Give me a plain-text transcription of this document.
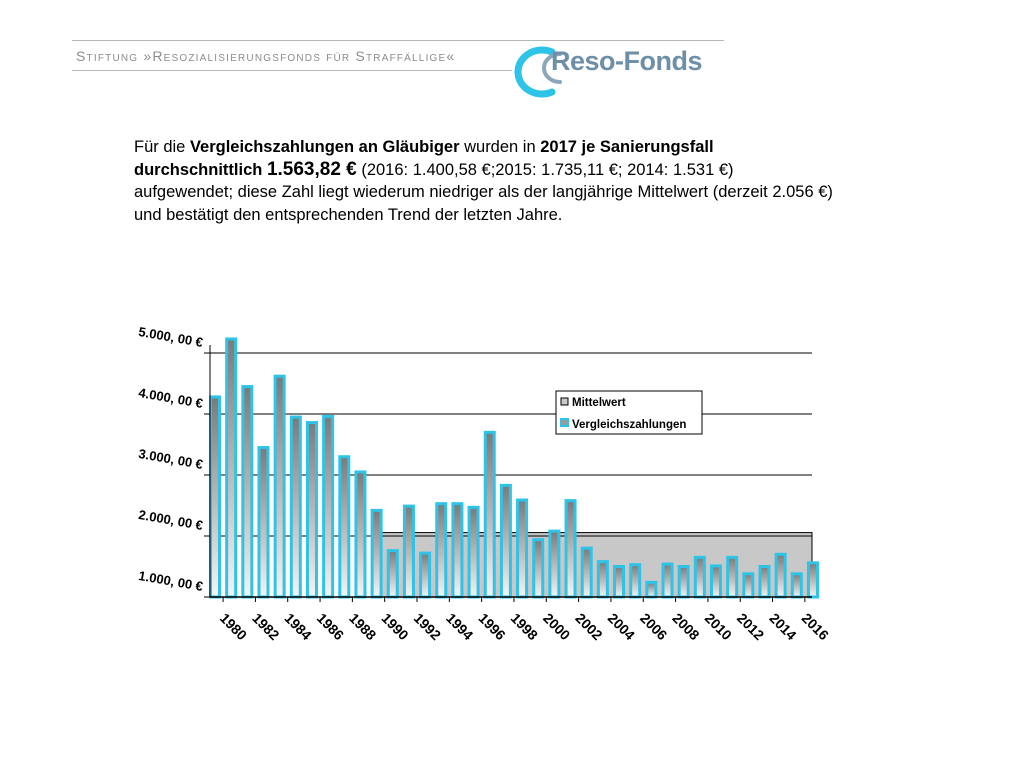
Stiftung »Resozialisierungsfonds für Straffällige«	Reso-Fonds
Für die Vergleichszahlungen an Gläubiger wurden in 2017 je Sanierungsfall durchschnittlich 1.563,82 € (2016: 1.400,58 €;2015: 1.735,11 €; 2014: 1.531 €) aufgewendet; diese Zahl liegt wiederum niedriger als der langjährige Mittelwert (derzeit 2.056 €) und bestätigt den entsprechenden Trend der letzten Jahre.
1.000, 00 €
2.000, 00 €
3.000, 00 €
4.000, 00 €
5.000, 00 €
1980
1982
1984
1986
1988
1990
1992
1994
1996
1998
2000
2002
2004
2006
2008
2010
2012
2014
2016
Mittelwert
Vergleichszahlungen
